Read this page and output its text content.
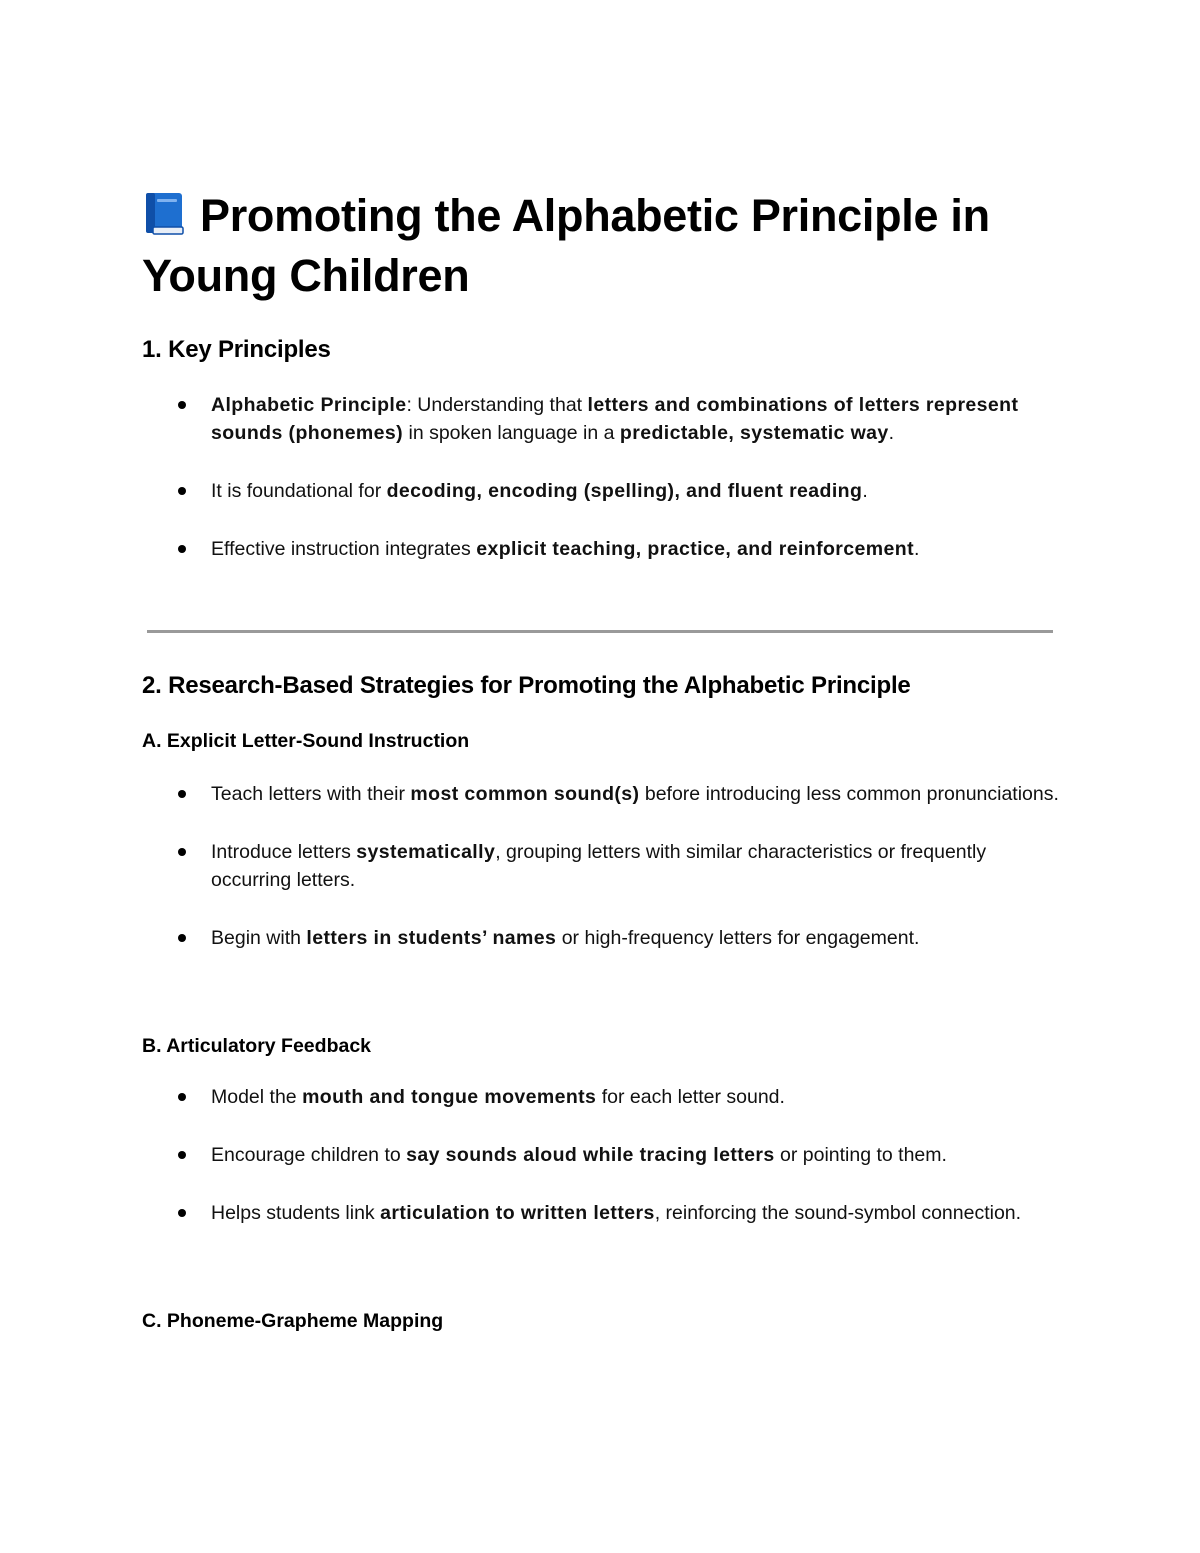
Promoting the Alphabetic Principle in Young Children
1. Key Principles
Alphabetic Principle: Understanding that letters and combinations of letters represent sounds (phonemes) in spoken language in a predictable, systematic way.
It is foundational for decoding, encoding (spelling), and fluent reading.
Effective instruction integrates explicit teaching, practice, and reinforcement.
2. Research-Based Strategies for Promoting the Alphabetic Principle
A. Explicit Letter-Sound Instruction
Teach letters with their most common sound(s) before introducing less common pronunciations.
Introduce letters systematically, grouping letters with similar characteristics or frequently occurring letters.
Begin with letters in students’ names or high-frequency letters for engagement.
B. Articulatory Feedback
Model the mouth and tongue movements for each letter sound.
Encourage children to say sounds aloud while tracing letters or pointing to them.
Helps students link articulation to written letters, reinforcing the sound-symbol connection.
C. Phoneme-Grapheme Mapping
